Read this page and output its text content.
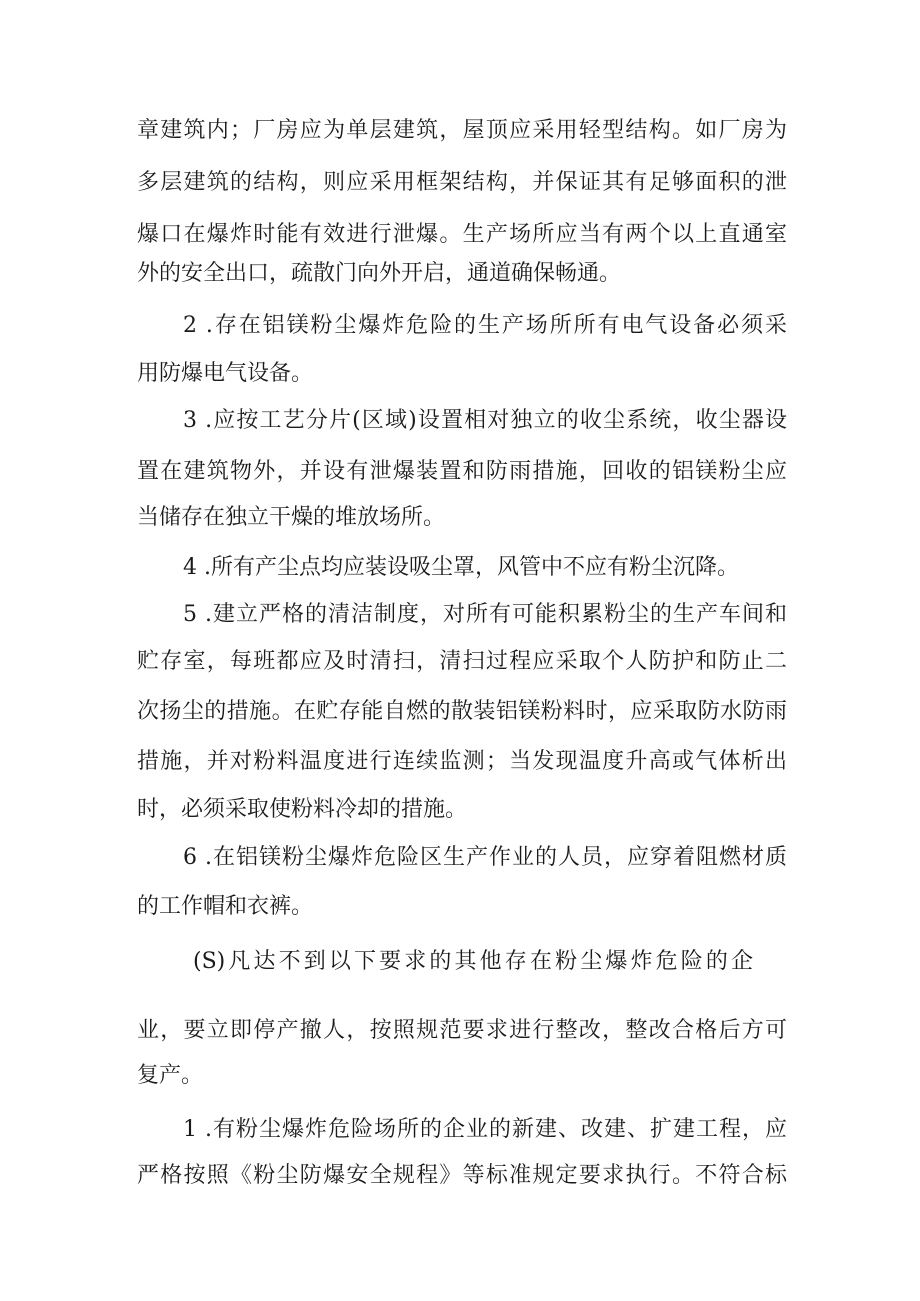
章建筑内；厂房应为单层建筑，屋顶应采用轻型结构。如厂房为
多层建筑的结构，则应采用框架结构，并保证其有足够面积的泄
爆口在爆炸时能有效进行泄爆。生产场所应当有两个以上直通室
外的安全出口，疏散门向外开启，通道确保畅通。
2 .存在铝镁粉尘爆炸危险的生产场所所有电气设备必须采
用防爆电气设备。
3 .应按工艺分片(区域)设置相对独立的收尘系统，收尘器设
置在建筑物外，并设有泄爆装置和防雨措施，回收的铝镁粉尘应
当储存在独立干燥的堆放场所。
4 .所有产尘点均应装设吸尘罩，风管中不应有粉尘沉降。
5 .建立严格的清洁制度，对所有可能积累粉尘的生产车间和
贮存室，每班都应及时清扫，清扫过程应采取个人防护和防止二
次扬尘的措施。在贮存能自燃的散装铝镁粉料时，应采取防水防雨
措施，并对粉料温度进行连续监测；当发现温度升高或气体析出
时，必须采取使粉料冷却的措施。
6 .在铝镁粉尘爆炸危险区生产作业的人员，应穿着阻燃材质
的工作帽和衣裤。
(S)凡达不到以下要求的其他存在粉尘爆炸危险的企
业，要立即停产撤人，按照规范要求进行整改，整改合格后方可
复产。
1 .有粉尘爆炸危险场所的企业的新建、改建、扩建工程，应
严格按照《粉尘防爆安全规程》等标准规定要求执行。不符合标
